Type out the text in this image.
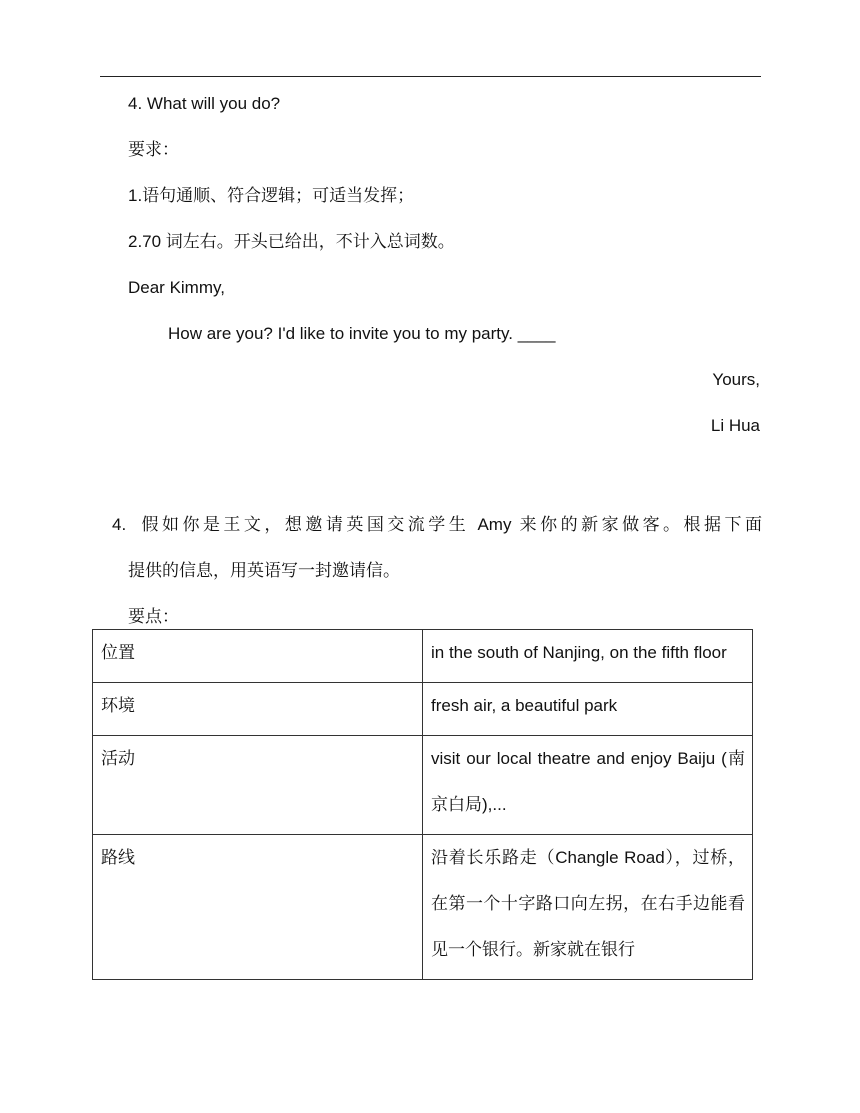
4. What will you do?
要求：
1.语句通顺、符合逻辑；可适当发挥；
2.70 词左右。开头已给出，不计入总词数。
Dear Kimmy,
How are you? I'd like to invite you to my party. ____
Yours,
Li Hua
4. 假如你是王文，想邀请英国交流学生 Amy 来你的新家做客。根据下面
提供的信息，用英语写一封邀请信。
要点：
位置	in the south of Nanjing, on the fifth floor
环境	fresh air, a beautiful park
活动	visit our local theatre and enjoy Baiju (南京白局),...
路线	沿着长乐路走（Changle Road），过桥，在第一个十字路口向左拐，在右手边能看见一个银行。新家就在银行
